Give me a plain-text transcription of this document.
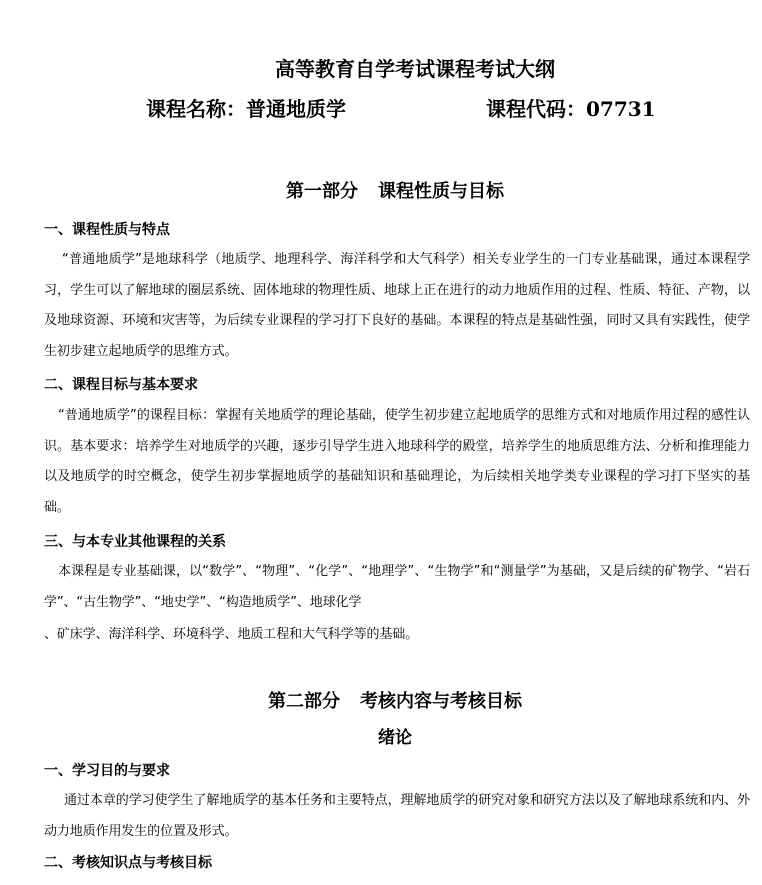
高等教育自学考试课程考试大纲
课程名称：普通地质学	课程代码：07731
第一部分 课程性质与目标
一、课程性质与特点
“普通地质学”是地球科学（地质学、地理科学、海洋科学和大气科学）相关专业学生的一门专业基础课，通过本课程学习，学生可以了解地球的圈层系统、固体地球的物理性质、地球上正在进行的动力地质作用的过程、性质、特征、产物，以及地球资源、环境和灾害等，为后续专业课程的学习打下良好的基础。本课程的特点是基础性强，同时又具有实践性，使学生初步建立起地质学的思维方式。
二、课程目标与基本要求
“普通地质学”的课程目标：掌握有关地质学的理论基础，使学生初步建立起地质学的思维方式和对地质作用过程的感性认识。基本要求：培养学生对地质学的兴趣，逐步引导学生进入地球科学的殿堂，培养学生的地质思维方法、分析和推理能力以及地质学的时空概念，使学生初步掌握地质学的基础知识和基础理论，为后续相关地学类专业课程的学习打下坚实的基础。
三、与本专业其他课程的关系
本课程是专业基础课，以“数学”、“物理”、“化学”、“地理学”、“生物学”和“测量学”为基础，又是后续的矿物学、“岩石学”、“古生物学”、“地史学”、“构造地质学”、地球化学
、矿床学、海洋科学、环境科学、地质工程和大气科学等的基础。
第二部分 考核内容与考核目标
绪论
一、学习目的与要求
通过本章的学习使学生了解地质学的基本任务和主要特点，理解地质学的研究对象和研究方法以及了解地球系统和内、外动力地质作用发生的位置及形式。
二、考核知识点与考核目标
